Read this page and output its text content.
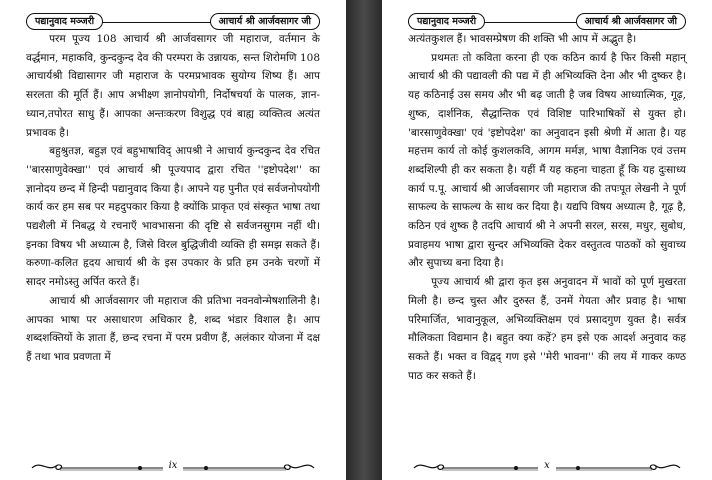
पद्यानुवाद मञ्जरी	आचार्य श्री आर्जवसागर जी

परम पूज्य 108 आचार्य श्री आर्जवसागर जी महाराज, वर्तमान के वर्द्धमान, महाकवि, कुन्दकुन्द देव की परम्परा के उन्नायक, सन्त शिरोमणि 108 आचार्यश्री विद्यासागर जी महाराज के परमप्रभावक सुयोग्य शिष्य हैं। आप सरलता की मूर्ति हैं। आप अभीक्ष्ण ज्ञानोपयोगी, निर्दोषचर्या के पालक, ज्ञान-ध्यान,तपोरत साधु हैं। आपका अन्तःकरण विशुद्ध एवं बाह्य व्यक्तित्व अत्यंत प्रभावक है।

बहुश्रुतज्ञ, बहुज्ञ एवं बहुभाषाविद् आपश्री ने आचार्य कुन्दकुन्द देव रचित ''बारसाणुवेक्खा'' एवं आचार्य श्री पूज्यपाद द्वारा रचित ''इष्टोपदेश'' का ज्ञानोदय छन्द में हिन्दी पद्यानुवाद किया है। आपने यह पुनीत एवं सर्वजनोपयोगी कार्य कर हम सब पर महदुपकार किया है क्योंकि प्राकृत एवं संस्कृत भाषा तथा पद्यशैली में निबद्ध ये रचनाएँ भावभासना की दृष्टि से सर्वजनसुगम नहीं थी। इनका विषय भी अध्यात्म है, जिसे विरल बुद्धिजीवी व्यक्ति ही समझ सकते हैं। करुणा-कलित हृदय आचार्य श्री के इस उपकार के प्रति हम उनके चरणों में सादर नमोऽस्तु अर्पित करते हैं।

आचार्य श्री आर्जवसागर जी महाराज की प्रतिभा नवनवोन्मेषशालिनी है। आपका भाषा पर असाधारण अधिकार है, शब्द भंडार विशाल है। आप शब्दशक्तियों के ज्ञाता हैं, छन्द रचना में परम प्रवीण हैं, अलंकार योजना में दक्ष हैं तथा भाव प्रवणता में

ix
पद्यानुवाद मञ्जरी	आचार्य श्री आर्जवसागर जी

अत्यंतकुशल हैं। भावसम्प्रेषण की शक्ति भी आप में अद्भुत है।

प्रथमतः तो कविता करना ही एक कठिन कार्य है फिर किसी महान् आचार्य श्री की पद्यावली की पद्य में ही अभिव्यक्ति देना और भी दुष्कर है। यह कठिनाई उस समय और भी बढ़ जाती है जब विषय आध्यात्मिक, गूढ़, शुष्क, दार्शनिक, सैद्धान्तिक एवं विशिष्ट पारिभाषिकों से युक्त हो। 'बारसाणुवेक्खा' एवं 'इष्टोपदेश' का अनुवादन इसी श्रेणी में आता है। यह महत्तम कार्य तो कोई कुशलकवि, आगम मर्मज्ञ, भाषा वैज्ञानिक एवं उत्तम शब्दशिल्पी ही कर सकता है। यहीं मैं यह कहना चाहता हूँ कि यह दुःसाध्य कार्य प.पू. आचार्य श्री आर्जवसागर जी महाराज की तपःपूत लेखनी ने पूर्ण साफल्य के साफल्य के साथ कर दिया है। यद्यपि विषय अध्यात्म है, गूढ़ है, कठिन एवं शुष्क है तदपि आचार्य श्री ने अपनी सरल, सरस, मधुर, सुबोध, प्रवाहमय भाषा द्वारा सुन्दर अभिव्यक्ति देकर वस्तुतत्व पाठकों को सुवाच्य और सुपाच्य बना दिया है।

पूज्य आचार्य श्री द्वारा कृत इस अनुवादन में भावों को पूर्ण मुखरता मिली है। छन्द चुस्त और दुरुस्त हैं, उनमें गेयता और प्रवाह है। भाषा परिमार्जित, भावानुकूल, अभिव्यक्तिक्षम एवं प्रसादगुण युक्त है। सर्वत्र मौलिकता विद्यमान है। बहुत क्या कहें? हम इसे एक आदर्श अनुवाद कह सकते हैं। भक्त व विद्वद् गण इसे ''मेरी भावना'' की लय में गाकर कण्ठ पाठ कर सकते हैं।

x
